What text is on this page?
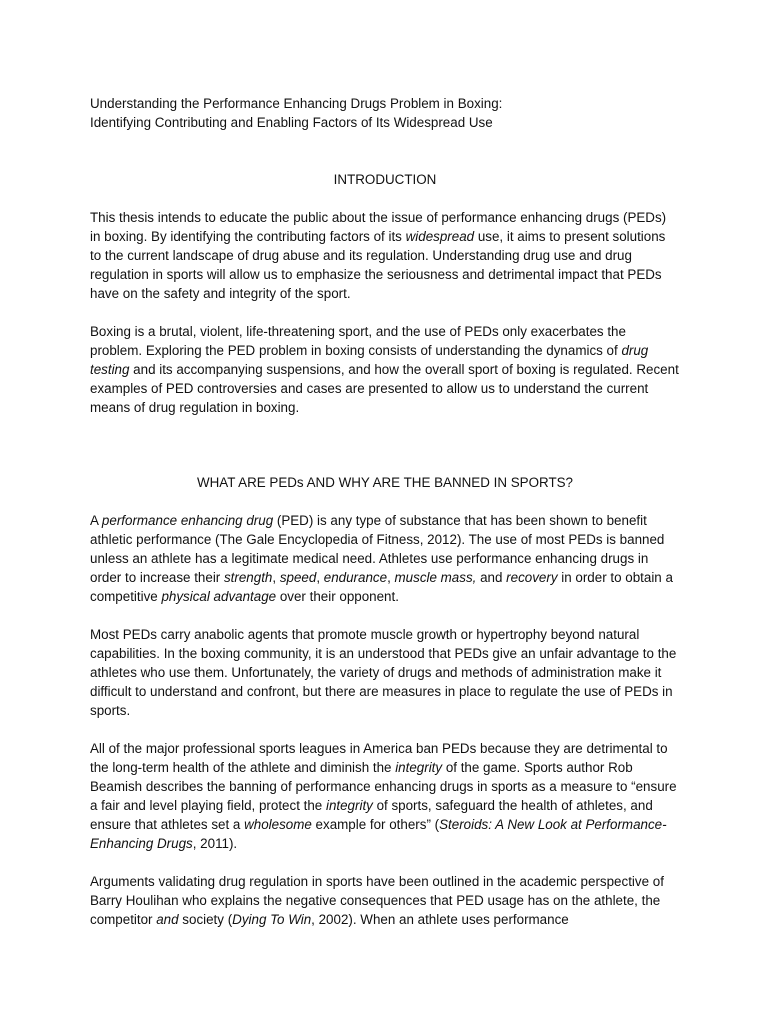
Understanding the Performance Enhancing Drugs Problem in Boxing:
Identifying Contributing and Enabling Factors of Its Widespread Use
INTRODUCTION

This thesis intends to educate the public about the issue of performance enhancing drugs (PEDs) in boxing. By identifying the contributing factors of its widespread use, it aims to present solutions to the current landscape of drug abuse and its regulation. Understanding drug use and drug regulation in sports will allow us to emphasize the seriousness and detrimental impact that PEDs have on the safety and integrity of the sport.

Boxing is a brutal, violent, life-threatening sport, and the use of PEDs only exacerbates the problem. Exploring the PED problem in boxing consists of understanding the dynamics of drug testing and its accompanying suspensions, and how the overall sport of boxing is regulated. Recent examples of PED controversies and cases are presented to allow us to understand the current means of drug regulation in boxing.

WHAT ARE PEDs AND WHY ARE THE BANNED IN SPORTS?

A performance enhancing drug (PED) is any type of substance that has been shown to benefit athletic performance (The Gale Encyclopedia of Fitness, 2012). The use of most PEDs is banned unless an athlete has a legitimate medical need. Athletes use performance enhancing drugs in order to increase their strength, speed, endurance, muscle mass, and recovery in order to obtain a competitive physical advantage over their opponent.

Most PEDs carry anabolic agents that promote muscle growth or hypertrophy beyond natural capabilities. In the boxing community, it is an understood that PEDs give an unfair advantage to the athletes who use them. Unfortunately, the variety of drugs and methods of administration make it difficult to understand and confront, but there are measures in place to regulate the use of PEDs in sports.

All of the major professional sports leagues in America ban PEDs because they are detrimental to the long-term health of the athlete and diminish the integrity of the game. Sports author Rob Beamish describes the banning of performance enhancing drugs in sports as a measure to “ensure a fair and level playing field, protect the integrity of sports, safeguard the health of athletes, and ensure that athletes set a wholesome example for others” (Steroids: A New Look at Performance-Enhancing Drugs, 2011).

Arguments validating drug regulation in sports have been outlined in the academic perspective of Barry Houlihan who explains the negative consequences that PED usage has on the athlete, the competitor and society (Dying To Win, 2002). When an athlete uses performance
